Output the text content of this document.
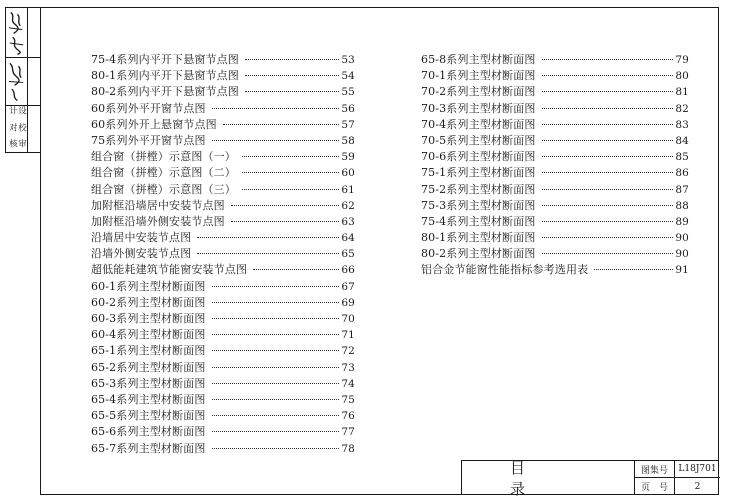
设计
校对
审核
75-4系列内平开下悬窗节点图	53
80-1系列内平开下悬窗节点图	54
80-2系列内平开下悬窗节点图	55
60系列外平开窗节点图	56
60系列外开上悬窗节点图	57
75系列外平开窗节点图	58
组合窗（拼樘）示意图（一）	59
组合窗（拼樘）示意图（二）	60
组合窗（拼樘）示意图（三）	61
加附框沿墙居中安装节点图	62
加附框沿墙外侧安装节点图	63
沿墙居中安装节点图	64
沿墙外侧安装节点图	65
超低能耗建筑节能窗安装节点图	66
60-1系列主型材断面图	67
60-2系列主型材断面图	69
60-3系列主型材断面图	70
60-4系列主型材断面图	71
65-1系列主型材断面图	72
65-2系列主型材断面图	73
65-3系列主型材断面图	74
65-4系列主型材断面图	75
65-5系列主型材断面图	76
65-6系列主型材断面图	77
65-7系列主型材断面图	78
65-8系列主型材断面图	79
70-1系列主型材断面图	80
70-2系列主型材断面图	81
70-3系列主型材断面图	82
70-4系列主型材断面图	83
70-5系列主型材断面图	84
70-6系列主型材断面图	85
75-1系列主型材断面图	86
75-2系列主型材断面图	87
75-3系列主型材断面图	88
75-4系列主型材断面图	89
80-1系列主型材断面图	90
80-2系列主型材断面图	90
铝合金节能窗性能指标参考选用表	91
目录
图集号	L18J701
页　号	2
